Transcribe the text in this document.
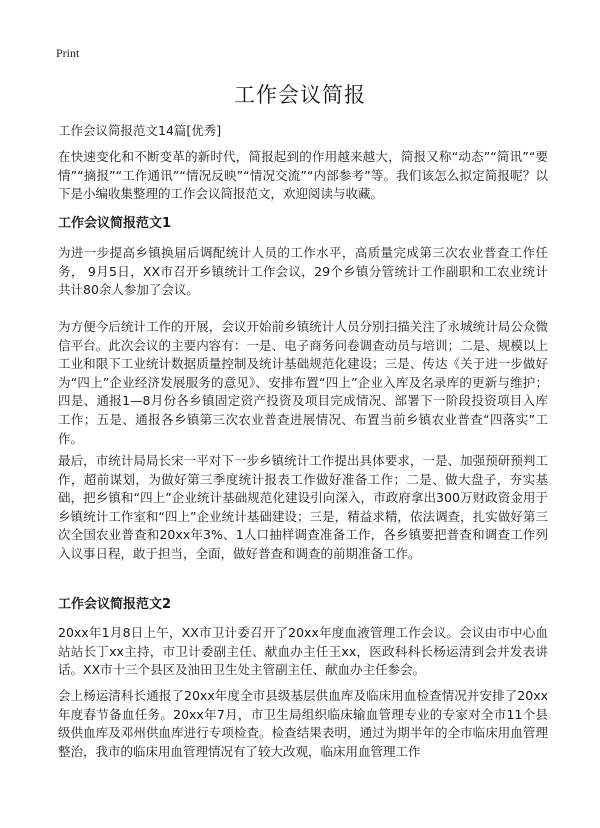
Print
工作会议简报
工作会议简报范文14篇[优秀]

在快速变化和不断变革的新时代，简报起到的作用越来越大，简报又称“动态”“简讯”“要情”“摘报”“工作通讯”“情况反映”“情况交流”“内部参考”等。我们该怎么拟定简报呢？以下是小编收集整理的工作会议简报范文，欢迎阅读与收藏。

工作会议简报范文1

为进一步提高乡镇换届后调配统计人员的工作水平，高质量完成第三次农业普查工作任务， 9月5日，XX市召开乡镇统计工作会议，29个乡镇分管统计工作副职和工农业统计共计80余人参加了会议。

为方便今后统计工作的开展，会议开始前乡镇统计人员分别扫描关注了永城统计局公众微信平台。此次会议的主要内容有：一是、电子商务问卷调查动员与培训；二是、规模以上工业和限下工业统计数据质量控制及统计基础规范化建设；三是、传达《关于进一步做好为“四上”企业经济发展服务的意见》、安排布置“四上”企业入库及名录库的更新与维护；四是、通报1—8月份各乡镇固定资产投资及项目完成情况、部署下一阶段投资项目入库工作；五是、通报各乡镇第三次农业普查进展情况、布置当前乡镇农业普查“四落实”工作。

最后，市统计局局长宋一平对下一步乡镇统计工作提出具体要求，一是、加强预研预判工作，超前谋划，为做好第三季度统计报表工作做好准备工作；二是、做大盘子，夯实基础，把乡镇和“四上”企业统计基础规范化建设引向深入，市政府拿出300万财政资金用于乡镇统计工作室和“四上”企业统计基础建设；三是，精益求精，依法调查，扎实做好第三次全国农业普查和20xx年3%、1人口抽样调查准备工作，各乡镇要把普查和调查工作列入议事日程，敢于担当，全面，做好普查和调查的前期准备工作。

工作会议简报范文2

20xx年1月8日上午，XX市卫计委召开了20xx年度血液管理工作会议。会议由市中心血站站长丁xx主持，市卫计委副主任、献血办主任王xx，医政科科长杨运清到会并发表讲话。XX市十三个县区及油田卫生处主管副主任、献血办主任参会。

会上杨运清科长通报了20xx年度全市县级基层供血库及临床用血检查情况并安排了20xx年度春节备血任务。20xx年7月，市卫生局组织临床输血管理专业的专家对全市11个县级供血库及邓州供血库进行专项检查。检查结果表明，通过为期半年的全市临床用血管理整治，我市的临床用血管理情况有了较大改观，临床用血管理工作
